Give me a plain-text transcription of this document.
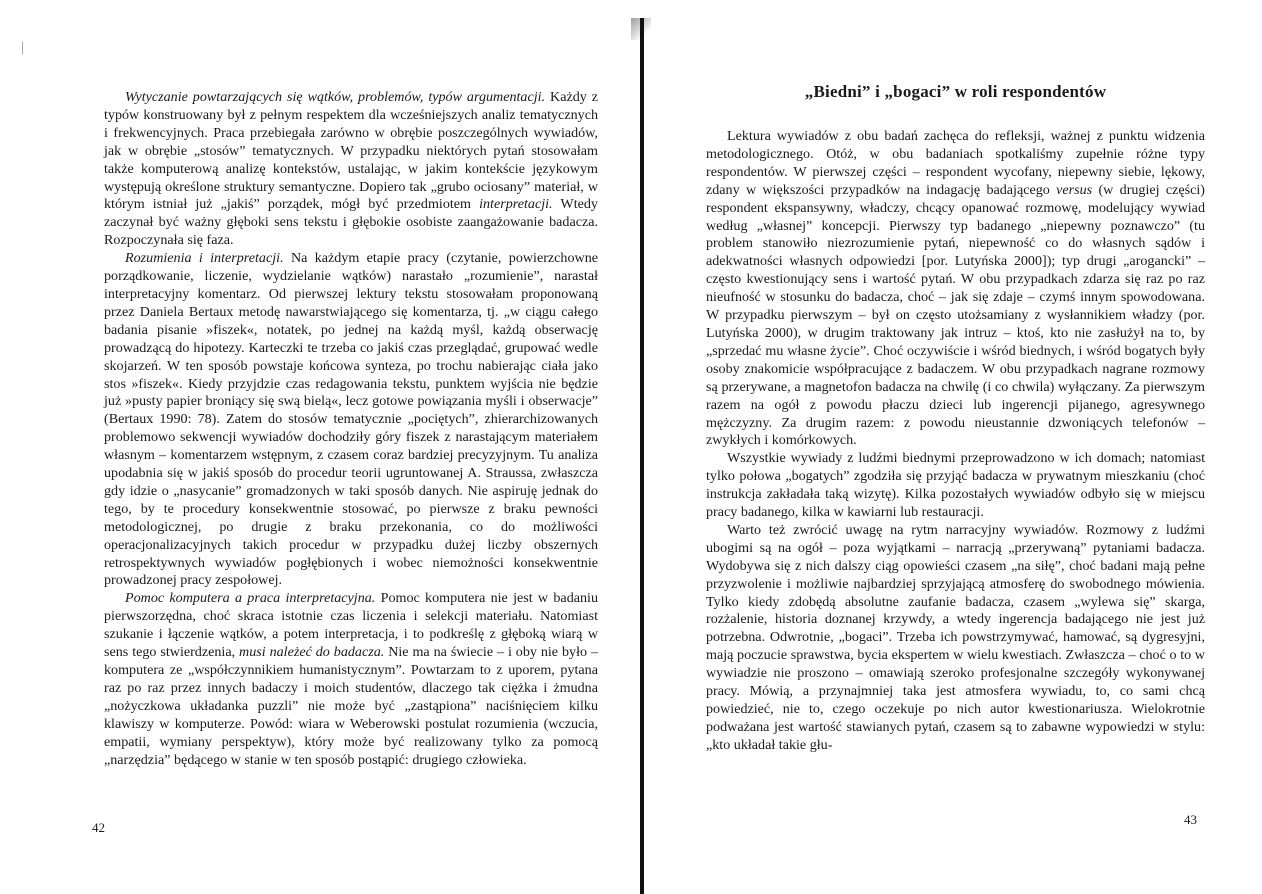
Wytyczanie powtarzających się wątków, problemów, typów argumentacji. Każdy z typów konstruowany był z pełnym respektem dla wcześniejszych analiz tematycznych i frekwencyjnych. Praca przebiegała zarówno w obrębie poszczególnych wywiadów, jak w obrębie „stosów” tematycznych. W przypadku niektórych pytań stosowałam także komputerową analizę kontekstów, ustalając, w jakim kontekście językowym występują określone struktury semantyczne. Dopiero tak „grubo ociosany” materiał, w którym istniał już „jakiś” porządek, mógł być przedmiotem interpretacji. Wtedy zaczynał być ważny głęboki sens tekstu i głębokie osobiste zaangażowanie badacza. Rozpoczynała się faza.

Rozumienia i interpretacji. Na każdym etapie pracy (czytanie, powierzchowne porządkowanie, liczenie, wydzielanie wątków) narastało „rozumienie”, narastał interpretacyjny komentarz. Od pierwszej lektury tekstu stosowałam proponowaną przez Daniela Bertaux metodę nawarstwiającego się komentarza, tj. „w ciągu całego badania pisanie »fiszek«, notatek, po jednej na każdą myśl, każdą obserwację prowadzącą do hipotezy. Karteczki te trzeba co jakiś czas przeglądać, grupować wedle skojarzeń. W ten sposób powstaje końcowa synteza, po trochu nabierając ciała jako stos »fiszek«. Kiedy przyjdzie czas redagowania tekstu, punktem wyjścia nie będzie już »pusty papier broniący się swą bielą«, lecz gotowe powiązania myśli i obserwacje” (Bertaux 1990: 78). Zatem do stosów tematycznie „pociętych”, zhierarchizowanych problemowo sekwencji wywiadów dochodziły góry fiszek z narastającym materiałem własnym – komentarzem wstępnym, z czasem coraz bardziej precyzyjnym. Tu analiza upodabnia się w jakiś sposób do procedur teorii ugruntowanej A. Straussa, zwłaszcza gdy idzie o „nasycanie” gromadzonych w taki sposób danych. Nie aspiruję jednak do tego, by te procedury konsekwentnie stosować, po pierwsze z braku pewności metodologicznej, po drugie z braku przekonania, co do możliwości operacjonalizacyjnych takich procedur w przypadku dużej liczby obszernych retrospektywnych wywiadów pogłębionych i wobec niemożności konsekwentnie prowadzonej pracy zespołowej.

Pomoc komputera a praca interpretacyjna. Pomoc komputera nie jest w badaniu pierwszorzędna, choć skraca istotnie czas liczenia i selekcji materiału. Natomiast szukanie i łączenie wątków, a potem interpretacja, i to podkreślę z głęboką wiarą w sens tego stwierdzenia, musi należeć do badacza. Nie ma na świecie – i oby nie było – komputera ze „współczynnikiem humanistycznym”. Powtarzam to z uporem, pytana raz po raz przez innych badaczy i moich studentów, dlaczego tak ciężka i żmudna „nożyczkowa układanka puzzli” nie może być „zastąpiona” naciśnięciem kilku klawiszy w komputerze. Powód: wiara w Weberowski postulat rozumienia (wczucia, empatii, wymiany perspektyw), który może być realizowany tylko za pomocą „narzędzia” będącego w stanie w ten sposób postąpić: drugiego człowieka.

42
„Biedni” i „bogaci” w roli respondentów

Lektura wywiadów z obu badań zachęca do refleksji, ważnej z punktu widzenia metodologicznego. Otóż, w obu badaniach spotkaliśmy zupełnie różne typy respondentów. W pierwszej części – respondent wycofany, niepewny siebie, lękowy, zdany w większości przypadków na indagację badającego versus (w drugiej części) respondent ekspansywny, władczy, chcący opanować rozmowę, modelujący wywiad według „własnej” koncepcji. Pierwszy typ badanego „niepewny poznawczo” (tu problem stanowiło niezrozumienie pytań, niepewność co do własnych sądów i adekwatności własnych odpowiedzi [por. Lutyńska 2000]); typ drugi „arogancki” – często kwestionujący sens i wartość pytań. W obu przypadkach zdarza się raz po raz nieufność w stosunku do badacza, choć – jak się zdaje – czymś innym spowodowana. W przypadku pierwszym – był on często utożsamiany z wysłannikiem władzy (por. Lutyńska 2000), w drugim traktowany jak intruz – ktoś, kto nie zasłużył na to, by „sprzedać mu własne życie”. Choć oczywiście i wśród biednych, i wśród bogatych były osoby znakomicie współpracujące z badaczem. W obu przypadkach nagrane rozmowy są przerywane, a magnetofon badacza na chwilę (i co chwila) wyłączany. Za pierwszym razem na ogół z powodu płaczu dzieci lub ingerencji pijanego, agresywnego mężczyzny. Za drugim razem: z powodu nieustannie dzwoniących telefonów – zwykłych i komórkowych.

Wszystkie wywiady z ludźmi biednymi przeprowadzono w ich domach; natomiast tylko połowa „bogatych” zgodziła się przyjąć badacza w prywatnym mieszkaniu (choć instrukcja zakładała taką wizytę). Kilka pozostałych wywiadów odbyło się w miejscu pracy badanego, kilka w kawiarni lub restauracji.

Warto też zwrócić uwagę na rytm narracyjny wywiadów. Rozmowy z ludźmi ubogimi są na ogół – poza wyjątkami – narracją „przerywaną” pytaniami badacza. Wydobywa się z nich dalszy ciąg opowieści czasem „na siłę”, choć badani mają pełne przyzwolenie i możliwie najbardziej sprzyjającą atmosferę do swobodnego mówienia. Tylko kiedy zdobędą absolutne zaufanie badacza, czasem „wylewa się” skarga, rozżalenie, historia doznanej krzywdy, a wtedy ingerencja badającego nie jest już potrzebna. Odwrotnie, „bogaci”. Trzeba ich powstrzymywać, hamować, są dygresyjni, mają poczucie sprawstwa, bycia ekspertem w wielu kwestiach. Zwłaszcza – choć o to w wywiadzie nie proszono – omawiają szeroko profesjonalne szczegóły wykonywanej pracy. Mówią, a przynajmniej taka jest atmosfera wywiadu, to, co sami chcą powiedzieć, nie to, czego oczekuje po nich autor kwestionariusza. Wielokrotnie podważana jest wartość stawianych pytań, czasem są to zabawne wypowiedzi w stylu: „kto układał takie głu-

43
